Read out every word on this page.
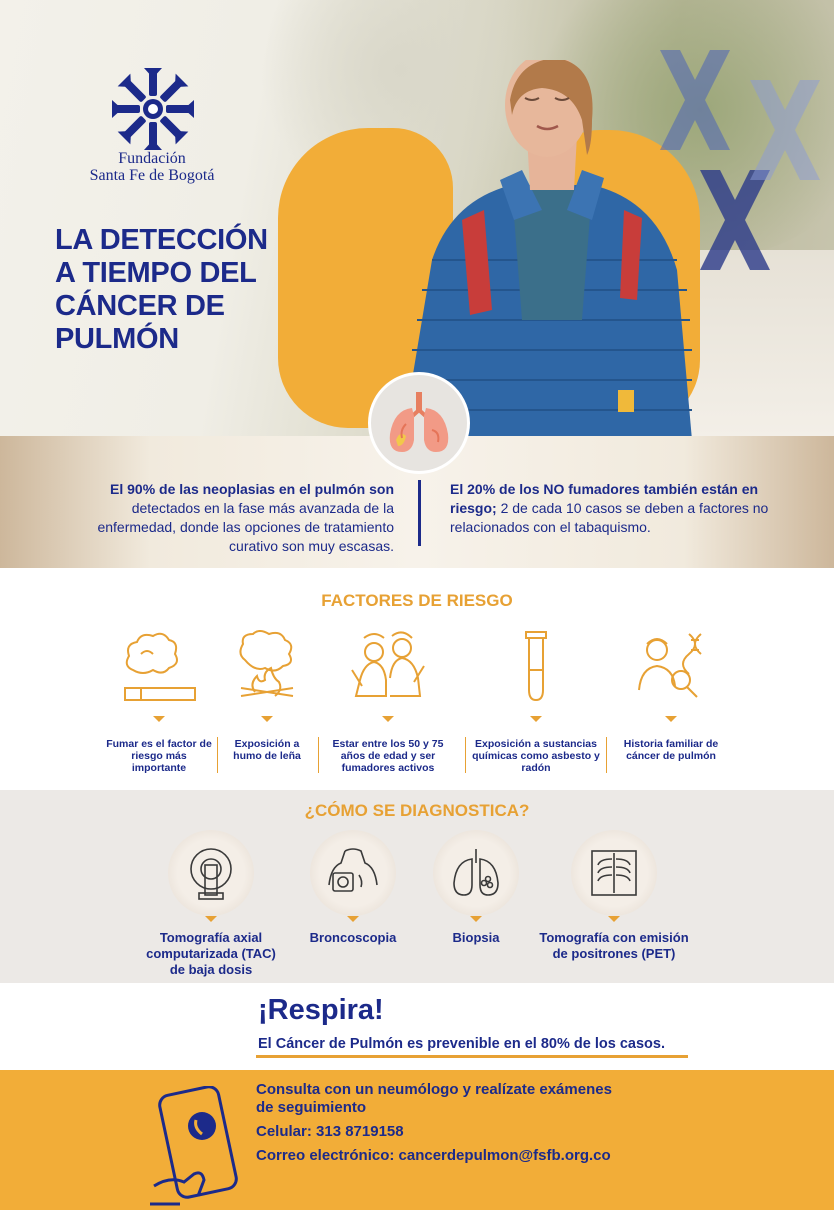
Fundación
Santa Fe de Bogotá
LA DETECCIÓN
A TIEMPO DEL
CÁNCER DE
PULMÓN
El 90% de las neoplasias en el pulmón son detectados en la fase más avanzada de la enfermedad, donde las opciones de tratamiento curativo son muy escasas.
El 20% de los NO fumadores también están en riesgo; 2 de cada 10 casos se deben a factores no relacionados con el tabaquismo.
FACTORES DE RIESGO
Fumar es el factor de riesgo más importante
Exposición a humo de leña
Estar entre los 50 y 75 años de edad y ser fumadores activos
Exposición a sustancias químicas como asbesto y radón
Historia familiar de cáncer de pulmón
¿CÓMO SE DIAGNOSTICA?
Tomografía axial computarizada (TAC) de baja dosis
Broncoscopia	Biopsia	Tomografía con emisión de positrones (PET)
¡Respira!
El Cáncer de Pulmón es prevenible en el 80% de los casos.
Consulta con un neumólogo y realízate exámenes
de seguimiento
Celular: 313 8719158
Correo electrónico: cancerdepulmon@fsfb.org.co
